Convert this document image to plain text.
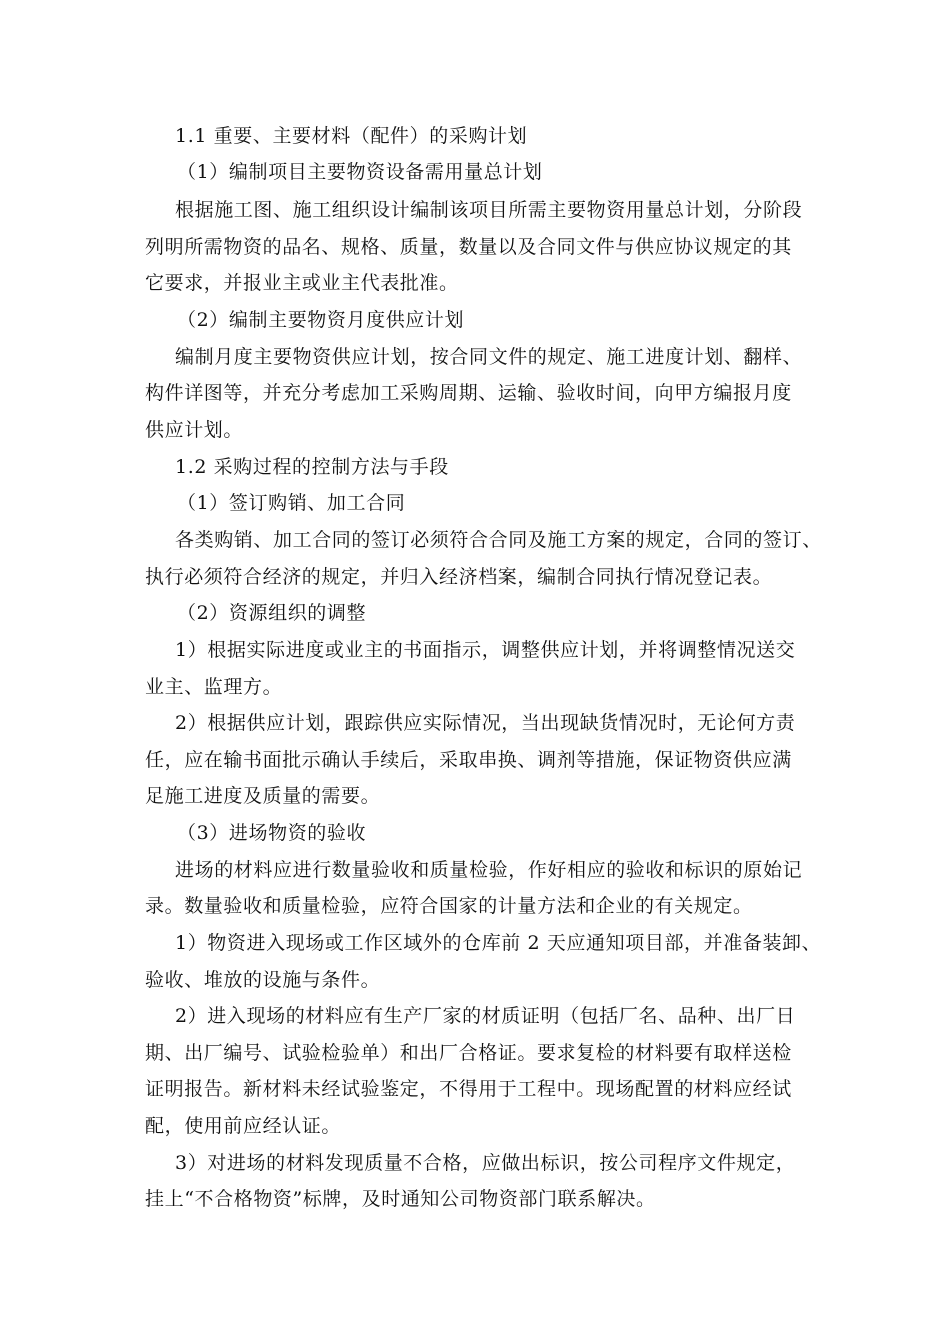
1.1 重要、主要材料（配件）的采购计划
（1）编制项目主要物资设备需用量总计划
根据施工图、施工组织设计编制该项目所需主要物资用量总计划，分阶段
列明所需物资的品名、规格、质量，数量以及合同文件与供应协议规定的其
它要求，并报业主或业主代表批准。
（2）编制主要物资月度供应计划
编制月度主要物资供应计划，按合同文件的规定、施工进度计划、翻样、
构件详图等，并充分考虑加工采购周期、运输、验收时间，向甲方编报月度
供应计划。
1.2 采购过程的控制方法与手段
（1）签订购销、加工合同
各类购销、加工合同的签订必须符合合同及施工方案的规定，合同的签订、
执行必须符合经济的规定，并归入经济档案，编制合同执行情况登记表。
（2）资源组织的调整
1）根据实际进度或业主的书面指示，调整供应计划，并将调整情况送交
业主、监理方。
2）根据供应计划，跟踪供应实际情况，当出现缺货情况时，无论何方责
任，应在输书面批示确认手续后，采取串换、调剂等措施，保证物资供应满
足施工进度及质量的需要。
（3）进场物资的验收
进场的材料应进行数量验收和质量检验，作好相应的验收和标识的原始记
录。数量验收和质量检验，应符合国家的计量方法和企业的有关规定。
1）物资进入现场或工作区域外的仓库前 2 天应通知项目部，并准备装卸、
验收、堆放的设施与条件。
2）进入现场的材料应有生产厂家的材质证明（包括厂名、品种、出厂日
期、出厂编号、试验检验单）和出厂合格证。要求复检的材料要有取样送检
证明报告。新材料未经试验鉴定，不得用于工程中。现场配置的材料应经试
配，使用前应经认证。
3）对进场的材料发现质量不合格，应做出标识，按公司程序文件规定，
挂上“不合格物资”标牌，及时通知公司物资部门联系解决。
